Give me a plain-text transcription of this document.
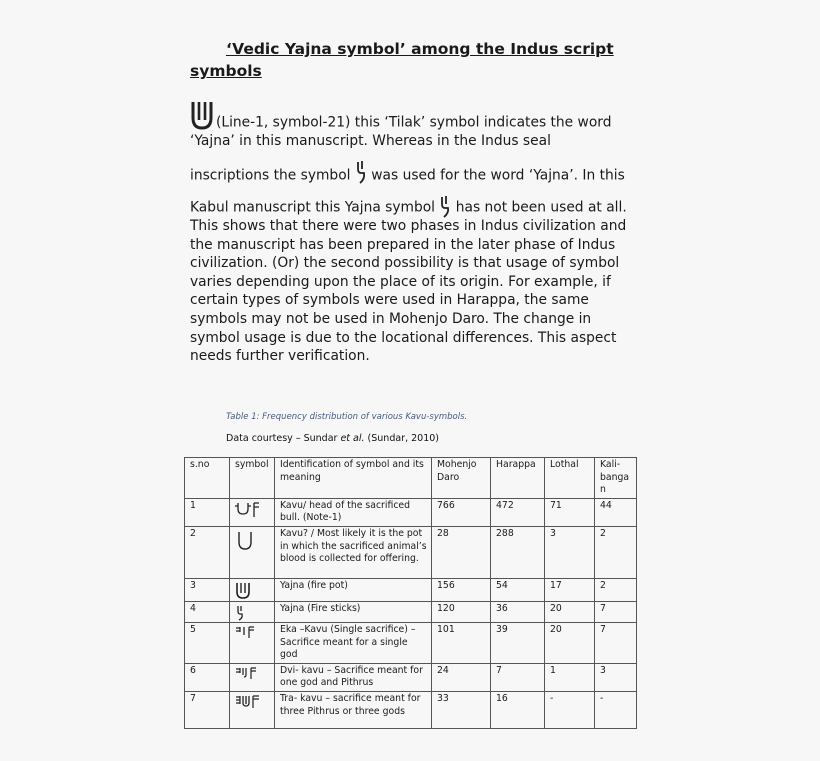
‘Vedic Yajna symbol’ among the Indus script symbols

(Line-1, symbol-21) this ‘Tilak’ symbol indicates the word ‘Yajna’ in this manuscript. Whereas in the Indus seal

inscriptions the symbol was used for the word ‘Yajna’. In this

Kabul manuscript this Yajna symbol has not been used at all. This shows that there were two phases in Indus civilization and the manuscript has been prepared in the later phase of Indus civilization. (Or) the second possibility is that usage of symbol varies depending upon the place of its origin. For example, if certain types of symbols were used in Harappa, the same symbols may not be used in Mohenjo Daro. The change in symbol usage is due to the locational differences. This aspect needs further verification.

Table 1: Frequency distribution of various Kavu-symbols.
Data courtesy – Sundar et al. (Sundar, 2010)
s.no	symbol	Identification of symbol and its meaning	Mohenjo Daro	Harappa	Lothal	Kali-bangan
1		Kavu/ head of the sacrificed bull. (Note-1)	766	472	71	44
2		Kavu? / Most likely it is the pot in which the sacrificed animal’s blood is collected for offering.	28	288	3	2
3		Yajna (fire pot)	156	54	17	2
4		Yajna (Fire sticks)	120	36	20	7
5		Eka –Kavu (Single sacrifice) – Sacrifice meant for a single god	101	39	20	7
6		Dvi- kavu – Sacrifice meant for one god and Pithrus	24	7	1	3
7		Tra- kavu – sacrifice meant for three Pithrus or three gods	33	16	-	-
